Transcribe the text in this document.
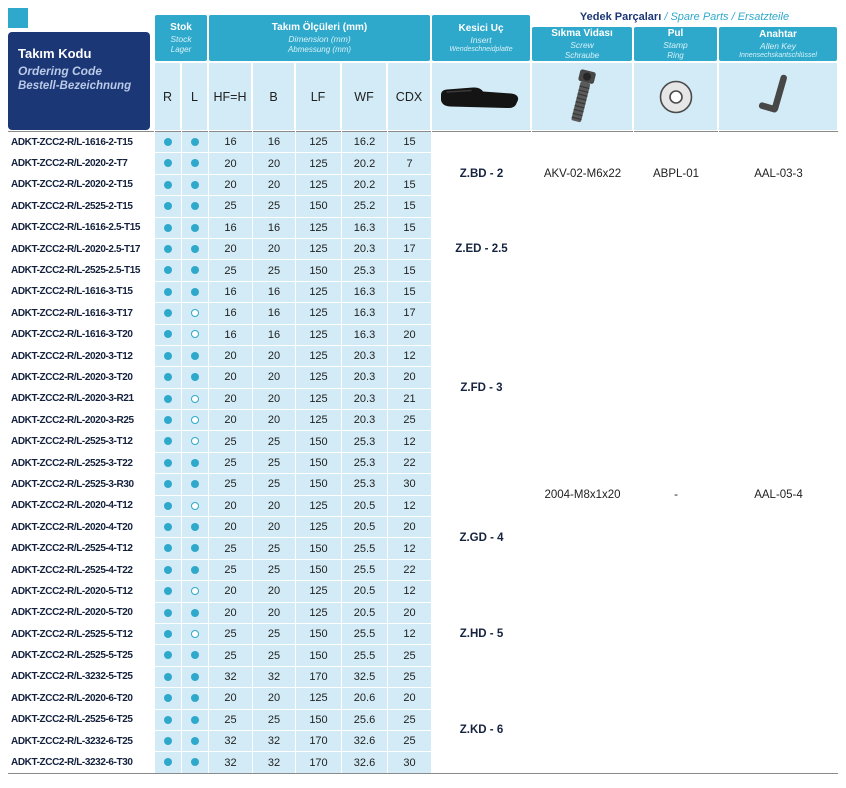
Takım Kodu
Ordering Code
Bestell-Bezeichnung
Yedek Parçaları / Spare Parts / Ersatzteile
Stok
Stock
Lager
Takım Ölçüleri (mm)
Dimension (mm)
Abmessung (mm)
Kesici Uç
Insert
Wendeschneidplatte
Sıkma Vidası
Screw
Schraube
Pul
Stamp
Ring
Anahtar
Allen Key
Innensechskantschlüssel
R	L	HF=H	B	LF	WF	CDX
ADKT-ZCC2-R/L-1616-2-T15			16	16	125	16.2	15	Z.BD - 2	AKV-02-M6x22	ABPL-01	AAL-03-3
ADKT-ZCC2-R/L-2020-2-T7			20	20	125	20.2	7				
ADKT-ZCC2-R/L-2020-2-T15			20	20	125	20.2	15				
ADKT-ZCC2-R/L-2525-2-T15			25	25	150	25.2	15				
ADKT-ZCC2-R/L-1616-2.5-T15			16	16	125	16.3	15	Z.ED - 2.5	2004-M8x1x20	-	AAL-05-4
ADKT-ZCC2-R/L-2020-2.5-T17			20	20	125	20.3	17				
ADKT-ZCC2-R/L-2525-2.5-T15			25	25	150	25.3	15				
ADKT-ZCC2-R/L-1616-3-T15			16	16	125	16.3	15	Z.FD - 3			
ADKT-ZCC2-R/L-1616-3-T17			16	16	125	16.3	17				
ADKT-ZCC2-R/L-1616-3-T20			16	16	125	16.3	20				
ADKT-ZCC2-R/L-2020-3-T12			20	20	125	20.3	12				
ADKT-ZCC2-R/L-2020-3-T20			20	20	125	20.3	20				
ADKT-ZCC2-R/L-2020-3-R21			20	20	125	20.3	21				
ADKT-ZCC2-R/L-2020-3-R25			20	20	125	20.3	25				
ADKT-ZCC2-R/L-2525-3-T12			25	25	150	25.3	12				
ADKT-ZCC2-R/L-2525-3-T22			25	25	150	25.3	22				
ADKT-ZCC2-R/L-2525-3-R30			25	25	150	25.3	30				
ADKT-ZCC2-R/L-2020-4-T12			20	20	125	20.5	12	Z.GD - 4			
ADKT-ZCC2-R/L-2020-4-T20			20	20	125	20.5	20				
ADKT-ZCC2-R/L-2525-4-T12			25	25	150	25.5	12				
ADKT-ZCC2-R/L-2525-4-T22			25	25	150	25.5	22				
ADKT-ZCC2-R/L-2020-5-T12			20	20	125	20.5	12	Z.HD - 5			
ADKT-ZCC2-R/L-2020-5-T20			20	20	125	20.5	20				
ADKT-ZCC2-R/L-2525-5-T12			25	25	150	25.5	12				
ADKT-ZCC2-R/L-2525-5-T25			25	25	150	25.5	25				
ADKT-ZCC2-R/L-3232-5-T25			32	32	170	32.5	25				
ADKT-ZCC2-R/L-2020-6-T20			20	20	125	20.6	20	Z.KD - 6			
ADKT-ZCC2-R/L-2525-6-T25			25	25	150	25.6	25				
ADKT-ZCC2-R/L-3232-6-T25			32	32	170	32.6	25				
ADKT-ZCC2-R/L-3232-6-T30			32	32	170	32.6	30				
